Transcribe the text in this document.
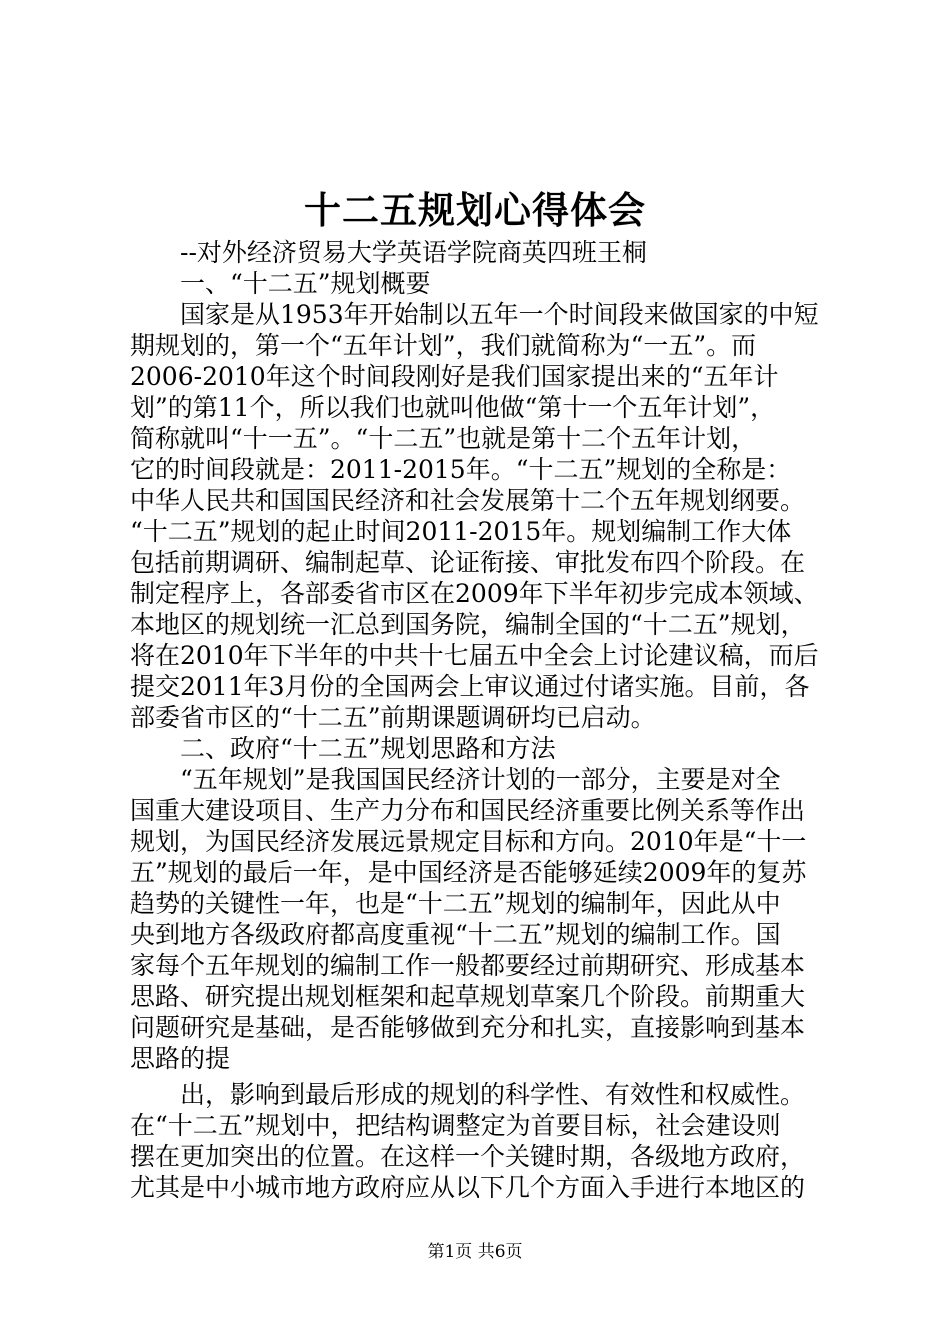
十二五规划心得体会
--对外经济贸易大学英语学院商英四班王桐
一、“十二五”规划概要
国家是从1953年开始制以五年一个时间段来做国家的中短
期规划的，第一个“五年计划”，我们就简称为“一五”。而
2006-2010年这个时间段刚好是我们国家提出来的“五年计
划”的第11个，所以我们也就叫他做“第十一个五年计划”，
简称就叫“十一五”。“十二五”也就是第十二个五年计划，
它的时间段就是：2011-2015年。“十二五”规划的全称是：
中华人民共和国国民经济和社会发展第十二个五年规划纲要。
“十二五”规划的起止时间2011-2015年。规划编制工作大体
包括前期调研、编制起草、论证衔接、审批发布四个阶段。在
制定程序上，各部委省市区在2009年下半年初步完成本领域、
本地区的规划统一汇总到国务院，编制全国的“十二五”规划，
将在2010年下半年的中共十七届五中全会上讨论建议稿，而后
提交2011年3月份的全国两会上审议通过付诸实施。目前，各
部委省市区的“十二五”前期课题调研均已启动。
二、政府“十二五”规划思路和方法
“五年规划”是我国国民经济计划的一部分，主要是对全
国重大建设项目、生产力分布和国民经济重要比例关系等作出
规划，为国民经济发展远景规定目标和方向。2010年是“十一
五”规划的最后一年，是中国经济是否能够延续2009年的复苏
趋势的关键性一年，也是“十二五”规划的编制年，因此从中
央到地方各级政府都高度重视“十二五”规划的编制工作。国
家每个五年规划的编制工作一般都要经过前期研究、形成基本
思路、研究提出规划框架和起草规划草案几个阶段。前期重大
问题研究是基础，是否能够做到充分和扎实，直接影响到基本
思路的提
出，影响到最后形成的规划的科学性、有效性和权威性。
在“十二五”规划中，把结构调整定为首要目标，社会建设则
摆在更加突出的位置。在这样一个关键时期，各级地方政府，
尤其是中小城市地方政府应从以下几个方面入手进行本地区的
第1页 共6页
